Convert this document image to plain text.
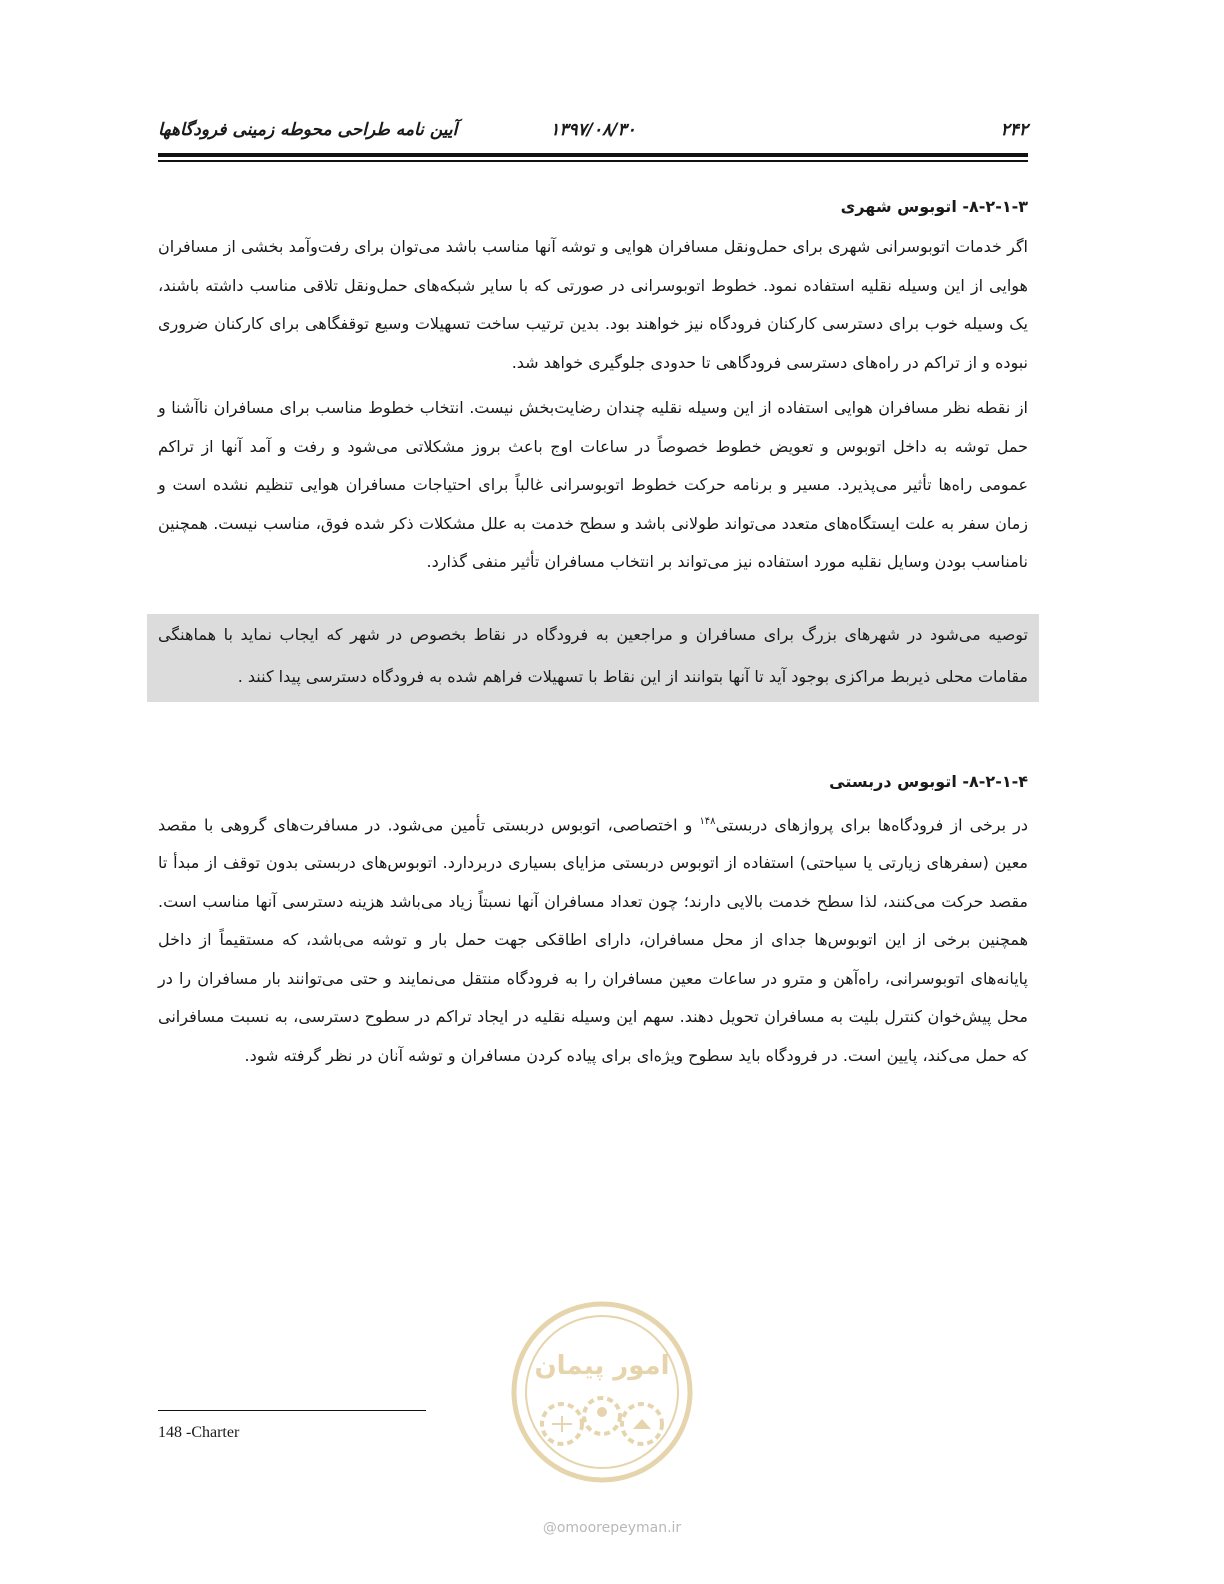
آیین نامه طراحی محوطه زمینی فرودگاهها	۱۳۹۷/۰۸/۳۰	۲۴۲
۸-۲-۱-۳- اتوبوس شهری

اگر خدمات اتوبوسرانی شهری برای حمل‌ونقل مسافران هوایی و توشه آنها مناسب باشد می‌توان برای رفت‌وآمد بخشی از مسافران هوایی از این وسیله نقلیه استفاده نمود. خطوط اتوبوسرانی در صورتی که با سایر شبکه‌های حمل‌ونقل تلاقی مناسب داشته باشند، یک وسیله خوب برای دسترسی کارکنان فرودگاه نیز خواهند بود. بدین ترتیب ساخت تسهیلات وسیع توقفگاهی برای کارکنان ضروری نبوده و از تراکم در راه‌های دسترسی فرودگاهی تا حدودی جلوگیری خواهد شد.

از نقطه نظر مسافران هوایی استفاده از این وسیله نقلیه چندان رضایت‌بخش نیست. انتخاب خطوط مناسب برای مسافران ناآشنا و حمل توشه به داخل اتوبوس و تعویض خطوط خصوصاً در ساعات اوج باعث بروز مشکلاتی می‌شود و رفت و آمد آنها از تراکم عمومی راه‌ها تأثیر می‌پذیرد. مسیر و برنامه حرکت خطوط اتوبوسرانی غالباً برای احتیاجات مسافران هوایی تنظیم نشده است و زمان سفر به علت ایستگاه‌های متعدد می‌تواند طولانی باشد و سطح خدمت به علل مشکلات ذکر شده فوق، مناسب نیست. همچنین نامناسب بودن وسایل نقلیه مورد استفاده نیز می‌تواند بر انتخاب مسافران تأثیر منفی گذارد.

توصیه می‌شود در شهرهای بزرگ برای مسافران و مراجعین به فرودگاه در نقاط بخصوص در شهر که ایجاب نماید با هماهنگی مقامات محلی ذیربط مراکزی بوجود آید تا آنها بتوانند از این نقاط با تسهیلات فراهم شده به فرودگاه دسترسی پیدا کنند .

۸-۲-۱-۴- اتوبوس دربستی

در برخی از فرودگاه‌ها برای پروازهای دربستی$^{۱۴۸}$ و اختصاصی، اتوبوس دربستی تأمین می‌شود. در مسافرت‌های گروهی با مقصد معین (سفرهای زیارتی یا سیاحتی) استفاده از اتوبوس دربستی مزایای بسیاری دربردارد. اتوبوس‌های دربستی بدون توقف از مبدأ تا مقصد حرکت می‌کنند، لذا سطح خدمت بالایی دارند؛ چون تعداد مسافران آنها نسبتاً زیاد می‌باشد هزینه دسترسی آنها مناسب است. همچنین برخی از این اتوبوس‌ها جدای از محل مسافران، دارای اطاقکی جهت حمل بار و توشه می‌باشد، که مستقیماً از داخل پایانه‌های اتوبوسرانی، راه‌آهن و مترو در ساعات معین مسافران را به فرودگاه منتقل می‌نمایند و حتی می‌توانند بار مسافران را در محل پیش‌خوان کنترل بلیت به مسافران تحویل دهند. سهم این وسیله نقلیه در ایجاد تراکم در سطوح دسترسی، به نسبت مسافرانی که حمل می‌کند، پایین است. در فرودگاه باید سطوح ویژه‌ای برای پیاده کردن مسافران و توشه آنان در نظر گرفته شود.

148 -Charter
امور پیمان
@omoorepeyman.ir
